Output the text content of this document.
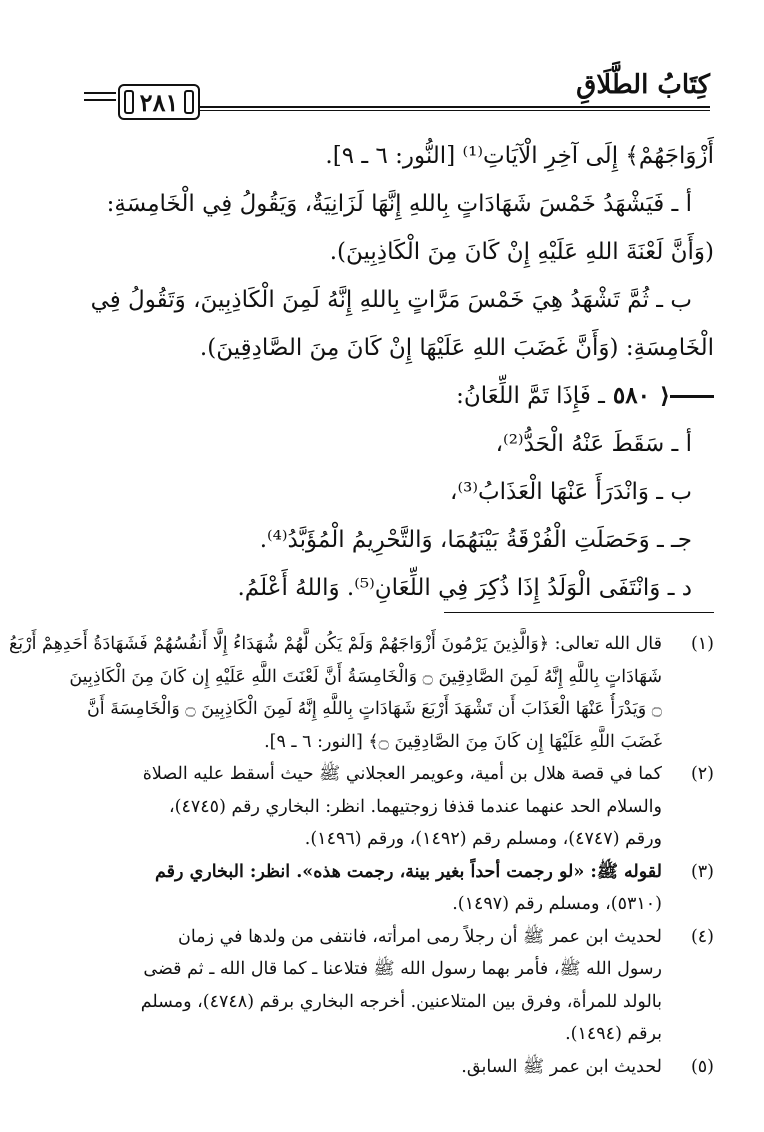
كِتَابُ الطَّلَاقِ
٢٨١
أَزْوَاجَهُمْ﴾ إِلَى آخِرِ الْآيَاتِ⁽¹⁾ [النُّور: ٦ ـ ٩].
أ ـ فَيَشْهَدُ خَمْسَ شَهَادَاتٍ بِاللهِ إِنَّهَا لَزَانِيَةٌ، وَيَقُولُ فِي الْخَامِسَةِ:
(وَأَنَّ لَعْنَةَ اللهِ عَلَيْهِ إِنْ كَانَ مِنَ الْكَاذِبِينَ).
ب ـ ثُمَّ تَشْهَدُ هِيَ خَمْسَ مَرَّاتٍ بِاللهِ إِنَّهُ لَمِنَ الْكَاذِبِينَ، وَتَقُولُ فِي
الْخَامِسَةِ: (وَأَنَّ غَضَبَ اللهِ عَلَيْهَا إِنْ كَانَ مِنَ الصَّادِقِينَ).
⟨
٥٨٠
ـ فَإِذَا تَمَّ اللِّعَانُ:
أ ـ سَقَطَ عَنْهُ الْحَدُّ⁽²⁾،
ب ـ وَانْدَرَأَ عَنْهَا الْعَذَابُ⁽³⁾،
جـ ـ وَحَصَلَتِ الْفُرْقَةُ بَيْنَهُمَا، وَالتَّحْرِيمُ الْمُؤَبَّدُ⁽⁴⁾.
د ـ وَانْتَفَى الْوَلَدُ إِذَا ذُكِرَ فِي اللِّعَانِ⁽⁵⁾. وَاللهُ أَعْلَمُ.
(١)
قال الله تعالى: ﴿وَالَّذِينَ يَرْمُونَ أَزْوَاجَهُمْ وَلَمْ يَكُن لَّهُمْ شُهَدَاءُ إِلَّا أَنفُسُهُمْ فَشَهَادَةُ أَحَدِهِمْ أَرْبَعُ
شَهَادَاتٍ بِاللَّهِ إِنَّهُ لَمِنَ الصَّادِقِينَ ۝ وَالْخَامِسَةُ أَنَّ لَعْنَتَ اللَّهِ عَلَيْهِ إِن كَانَ مِنَ الْكَاذِبِينَ
۝ وَيَدْرَأُ عَنْهَا الْعَذَابَ أَن تَشْهَدَ أَرْبَعَ شَهَادَاتٍ بِاللَّهِ إِنَّهُ لَمِنَ الْكَاذِبِينَ ۝ وَالْخَامِسَةَ أَنَّ
غَضَبَ اللَّهِ عَلَيْهَا إِن كَانَ مِنَ الصَّادِقِينَ ۝﴾ [النور: ٦ ـ ٩].
(٢)
كما في قصة هلال بن أمية، وعويمر العجلاني ﷺ حيث أسقط عليه الصلاة
والسلام الحد عنهما عندما قذفا زوجتيهما. انظر: البخاري رقم (٤٧٤٥)،
ورقم (٤٧٤٧)، ومسلم رقم (١٤٩٢)، ورقم (١٤٩٦).
(٣)
لقوله ﷺ: «لو رجمت أحداً بغير بينة، رجمت هذه». انظر: البخاري رقم
(٥٣١٠)، ومسلم رقم (١٤٩٧).
(٤)
لحديث ابن عمر ﷺ أن رجلاً رمى امرأته، فانتفى من ولدها في زمان
رسول الله ﷺ، فأمر بهما رسول الله ﷺ فتلاعنا ـ كما قال الله ـ ثم قضى
بالولد للمرأة، وفرق بين المتلاعنين. أخرجه البخاري برقم (٤٧٤٨)، ومسلم
برقم (١٤٩٤).
(٥)
لحديث ابن عمر ﷺ السابق.
